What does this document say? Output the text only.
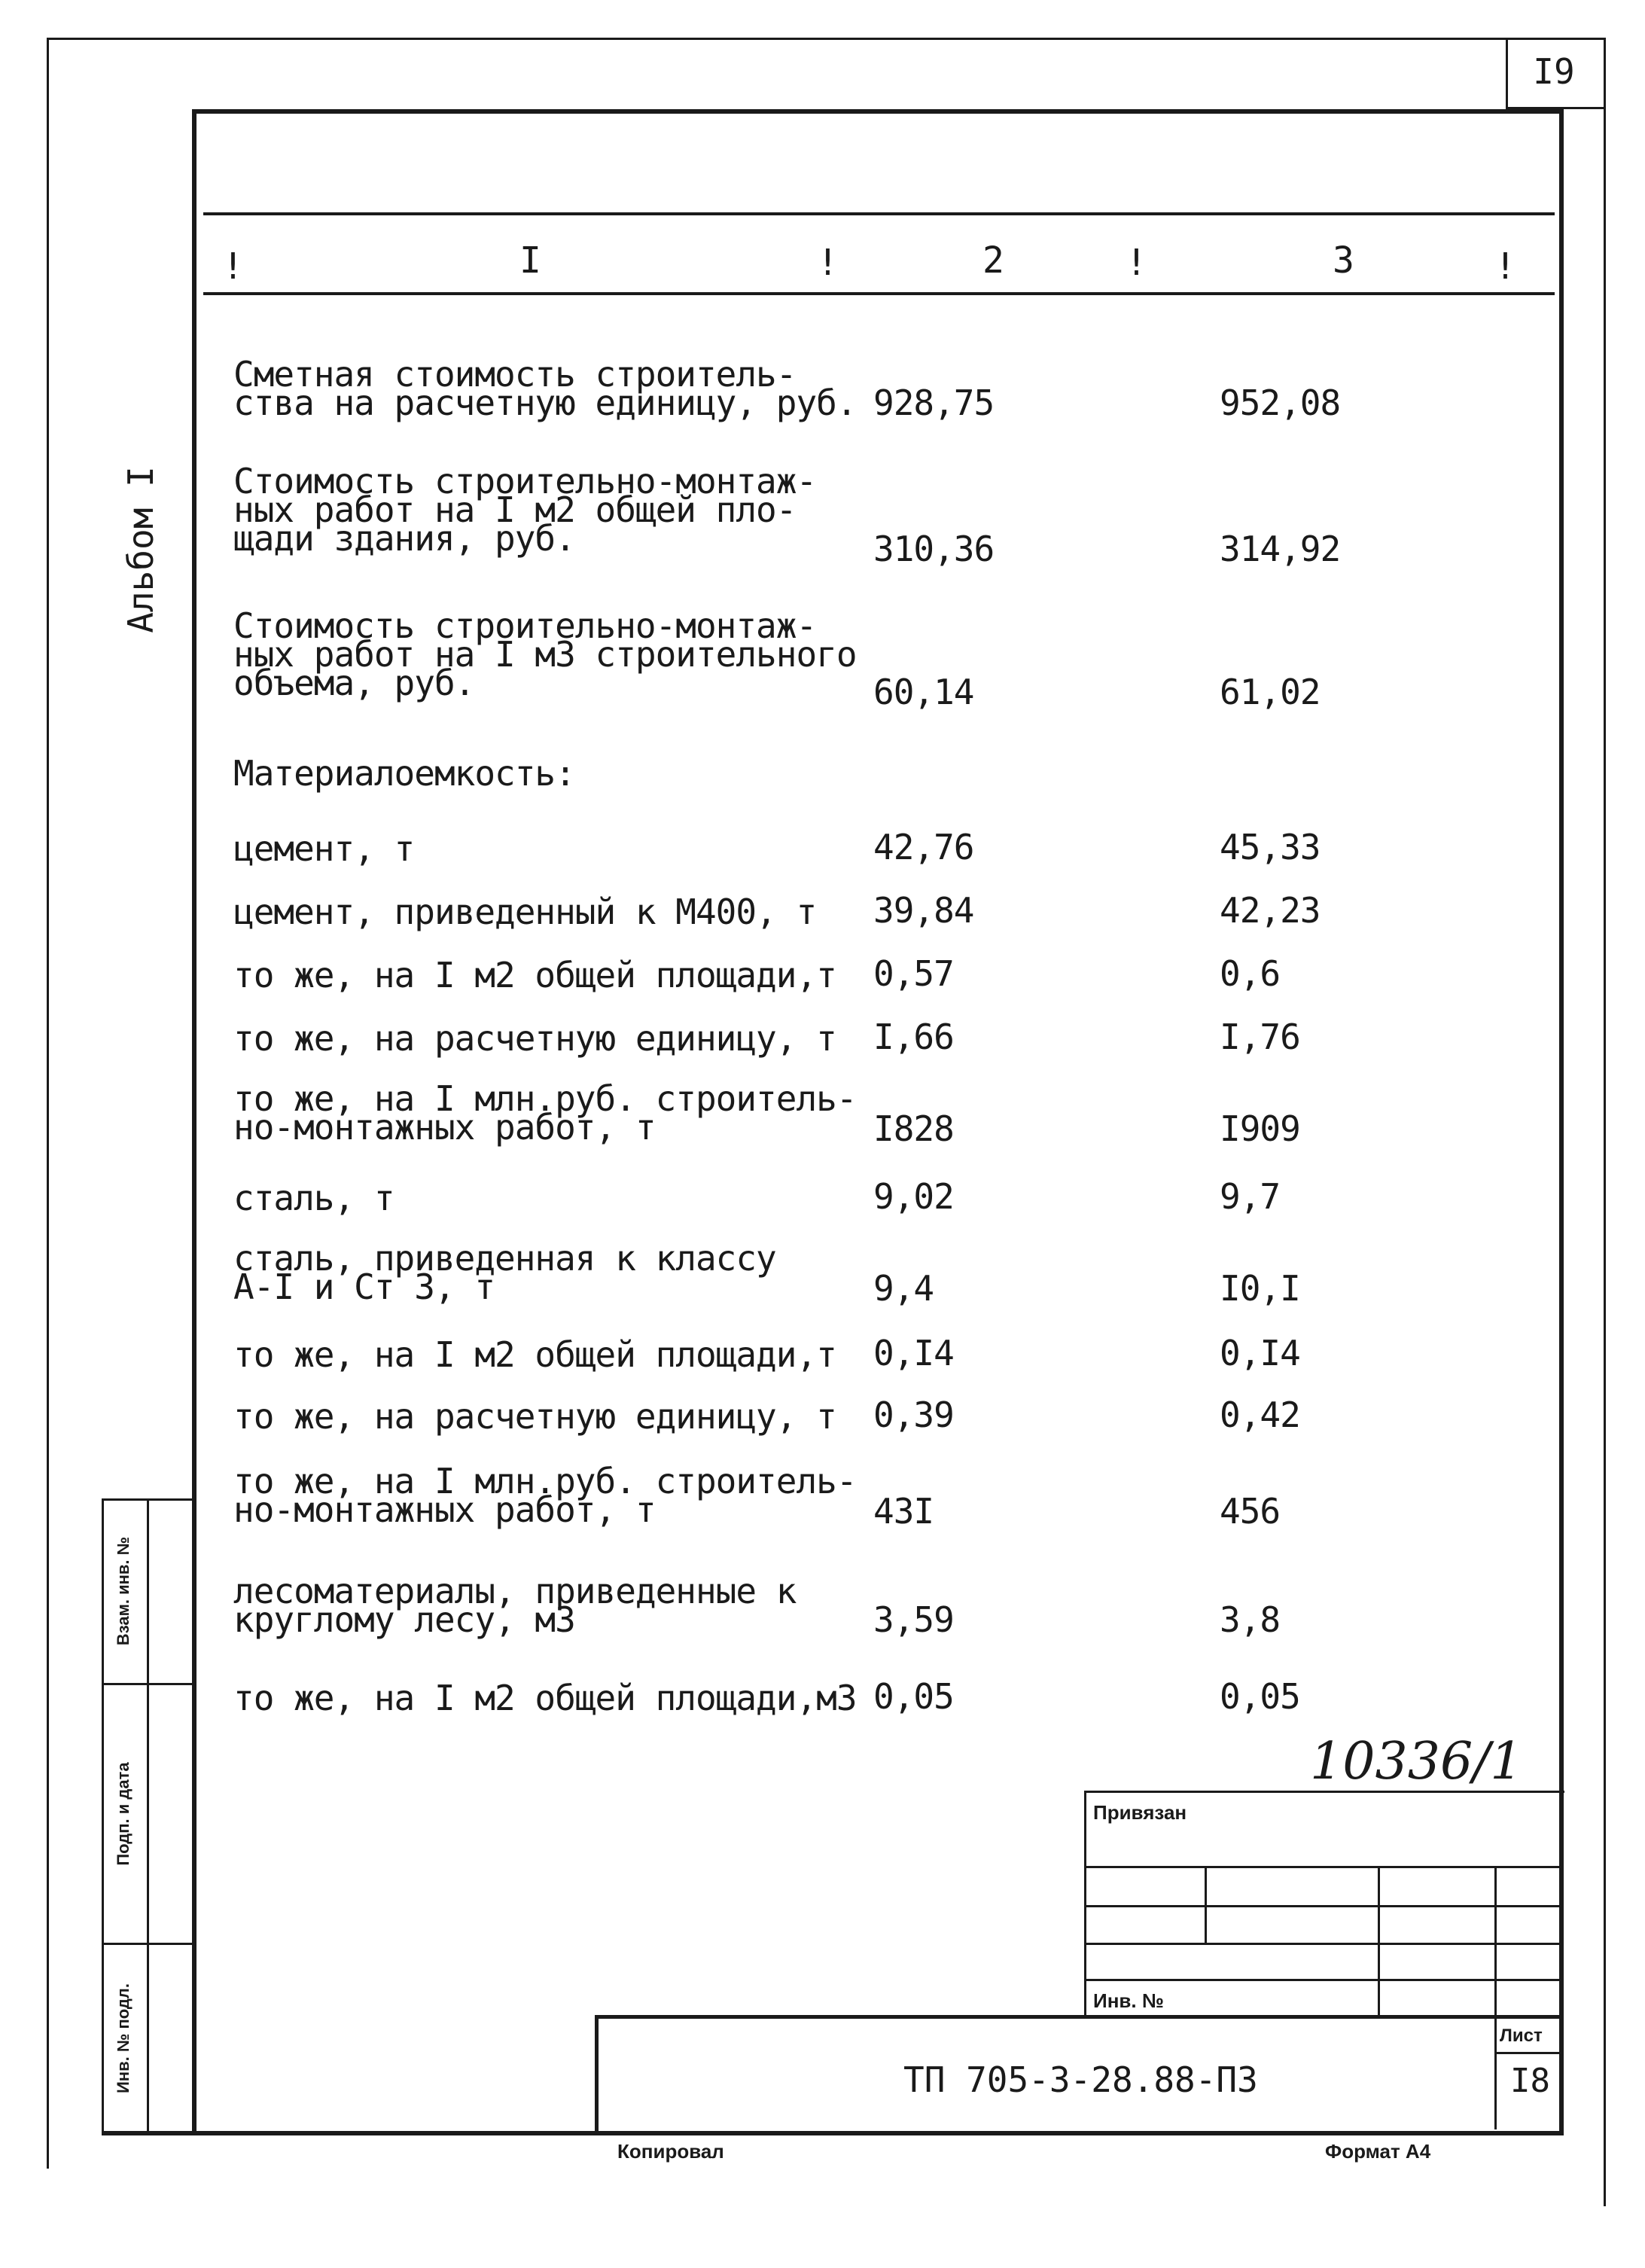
I9
Альбом I
!	I	!	2	!	3	!
Сметная стоимость строитель-
ства на расчетную единицу, руб. 928,75	952,08
Стоимость строительно-монтаж-
ных работ на I м2 общей пло-
щади здания, руб.	310,36	314,92
Стоимость строительно-монтаж-
ных работ на I м3 строительного
объема, руб.	60,14	61,02
Материалоемкость:
цемент, т	42,76	45,33
цемент, приведенный к М400, т 39,84	42,23
то же, на I м2 общей площади,т 0,57	0,6
то же, на расчетную единицу, т I,66	I,76
то же, на I млн.руб. строитель-
но-монтажных работ, т	I828	I909
сталь, т	9,02	9,7
сталь, приведенная к классу
А-I и Ст 3, т	9,4	I0,I
то же, на I м2 общей площади,т 0,I4	0,I4
то же, на расчетную единицу, т 0,39	0,42
то же, на I млн.руб. строитель-
но-монтажных работ, т	43I	456
лесоматериалы, приведенные к
круглому лесу, м3	3,59	3,8
то же, на I м2 общей площади,м3 0,05	0,05
10336/1
Взам. инв. №
Подп. и дата
Инв. № подл.
Привязан
Инв. №
Лист
ТП 705-3-28.88-ПЗ	I8
Копировал	Формат А4
